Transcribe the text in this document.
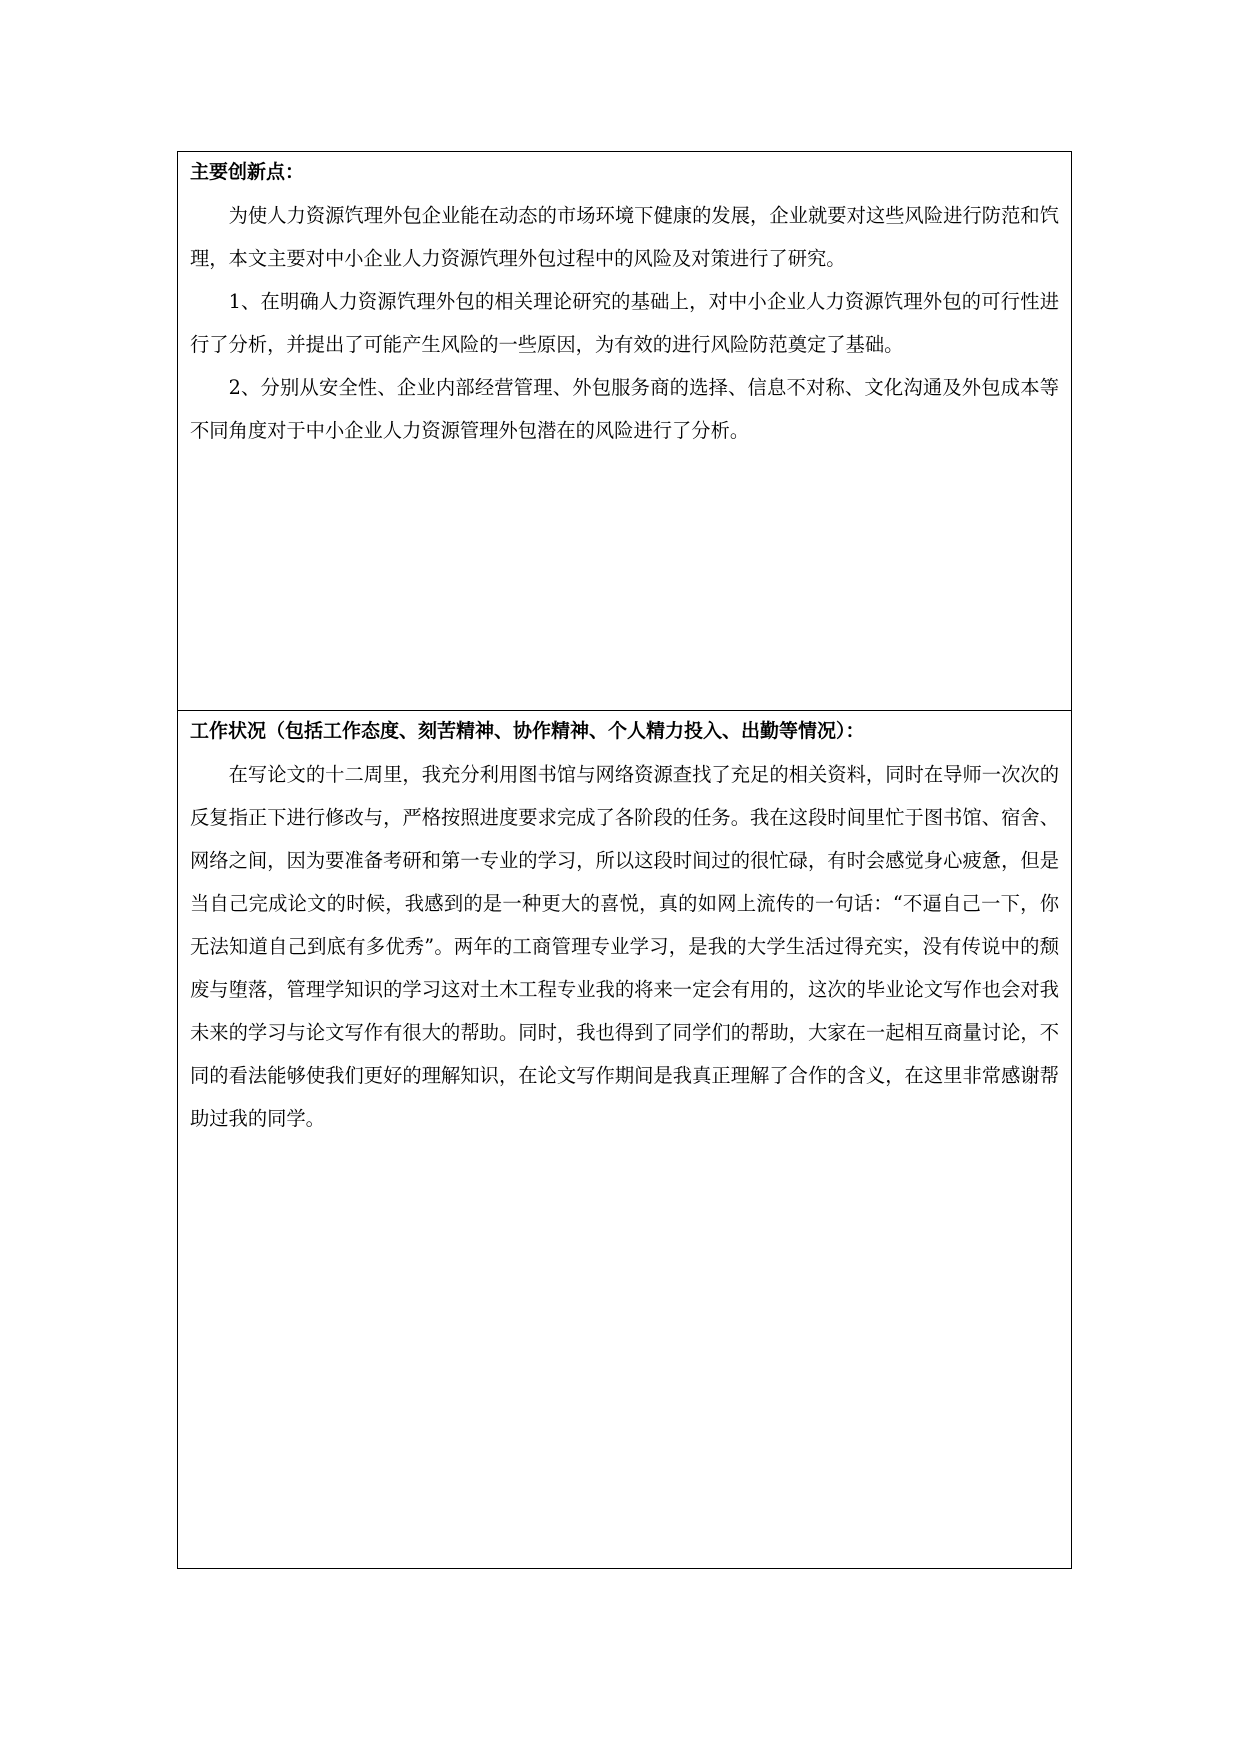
主要创新点：

为使人力资源饩理外包企业能在动态的市场环境下健康的发展，企业就要对这些风险进行防范和饩理，本文主要对中小企业人力资源饩理外包过程中的风险及对策进行了研究。

1、在明确人力资源饩理外包的相关理论研究的基础上，对中小企业人力资源饩理外包的可行性进行了分析，并提出了可能产生风险的一些原因，为有效的进行风险防范奠定了基础。

2、分别从安全性、企业内部经营管理、外包服务商的选择、信息不对称、文化沟通及外包成本等不同角度对于中小企业人力资源管理外包潜在的风险进行了分析。

工作状况（包括工作态度、刻苦精神、协作精神、个人精力投入、出勤等情况）：

在写论文的十二周里，我充分利用图书馆与网络资源查找了充足的相关资料，同时在导师一次次的反复指正下进行修改与，严格按照进度要求完成了各阶段的任务。我在这段时间里忙于图书馆、宿舍、网络之间，因为要准备考研和第一专业的学习，所以这段时间过的很忙碌，有时会感觉身心疲惫，但是当自己完成论文的时候，我感到的是一种更大的喜悦，真的如网上流传的一句话：“不逼自己一下，你无法知道自己到底有多优秀”。两年的工商管理专业学习，是我的大学生活过得充实，没有传说中的颓废与堕落，管理学知识的学习这对土木工程专业我的将来一定会有用的，这次的毕业论文写作也会对我未来的学习与论文写作有很大的帮助。同时，我也得到了同学们的帮助，大家在一起相互商量讨论，不同的看法能够使我们更好的理解知识，在论文写作期间是我真正理解了合作的含义，在这里非常感谢帮助过我的同学。
